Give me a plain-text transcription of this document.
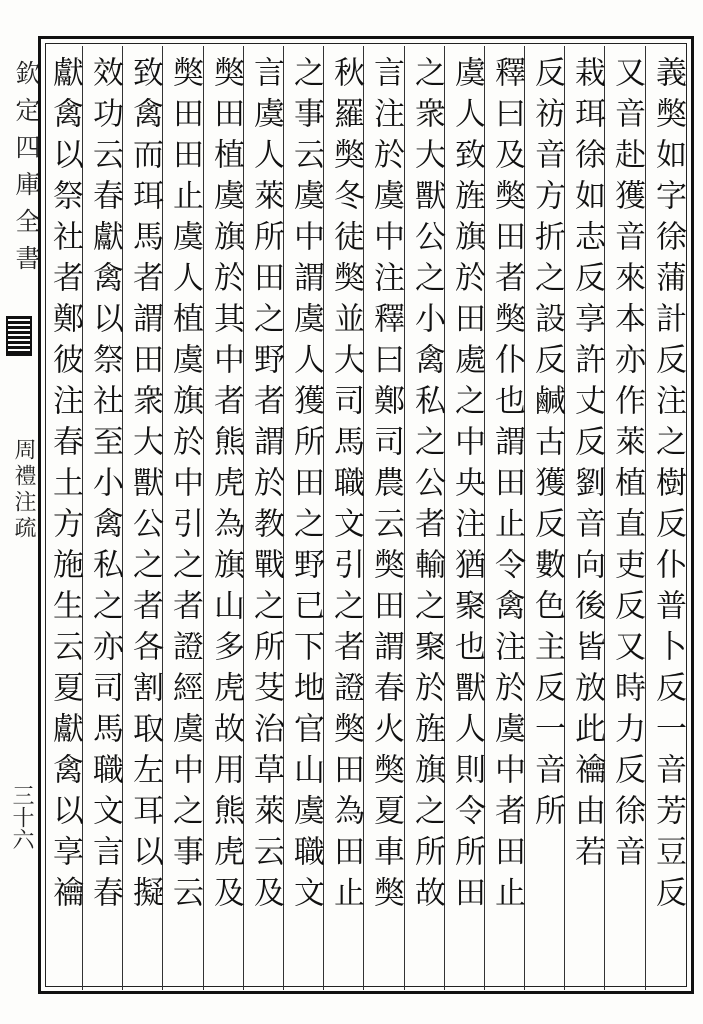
欽定四庫全書
周禮注疏
三十六	義獘如字徐蒲計反注之樹反仆普卜反一音芳豆反
又音赴獲音來本亦作萊植直吏反又時力反徐音
栽珥徐如志反享許丈反劉音向後皆放此禴由若
反祊音方折之設反鹹古獲反數色主反一音所
釋曰及獘田者獘仆也謂田止令禽注於虞中者田止
虞人致旌旗於田處之中央注猶聚也獸人則令所田
之衆大獸公之小禽私之公者輸之聚於旌旗之所故
言注於虞中注釋曰鄭司農云獘田謂春火獘夏車獘
秋羅獘冬徒獘並大司馬職文引之者證獘田為田止
之事云虞中謂虞人獲所田之野已下地官山虞職文
言虞人萊所田之野者謂於教戰之所芟治草萊云及
獘田植虞旗於其中者熊虎為旗山多虎故用熊虎及
獘田田止虞人植虞旗於中引之者證經虞中之事云
致禽而珥馬者謂田衆大獸公之者各割取左耳以擬
效功云春獻禽以祭社至小禽私之亦司馬職文言春
獻禽以祭社者鄭彼注春土方施生云夏獻禽以享禴
